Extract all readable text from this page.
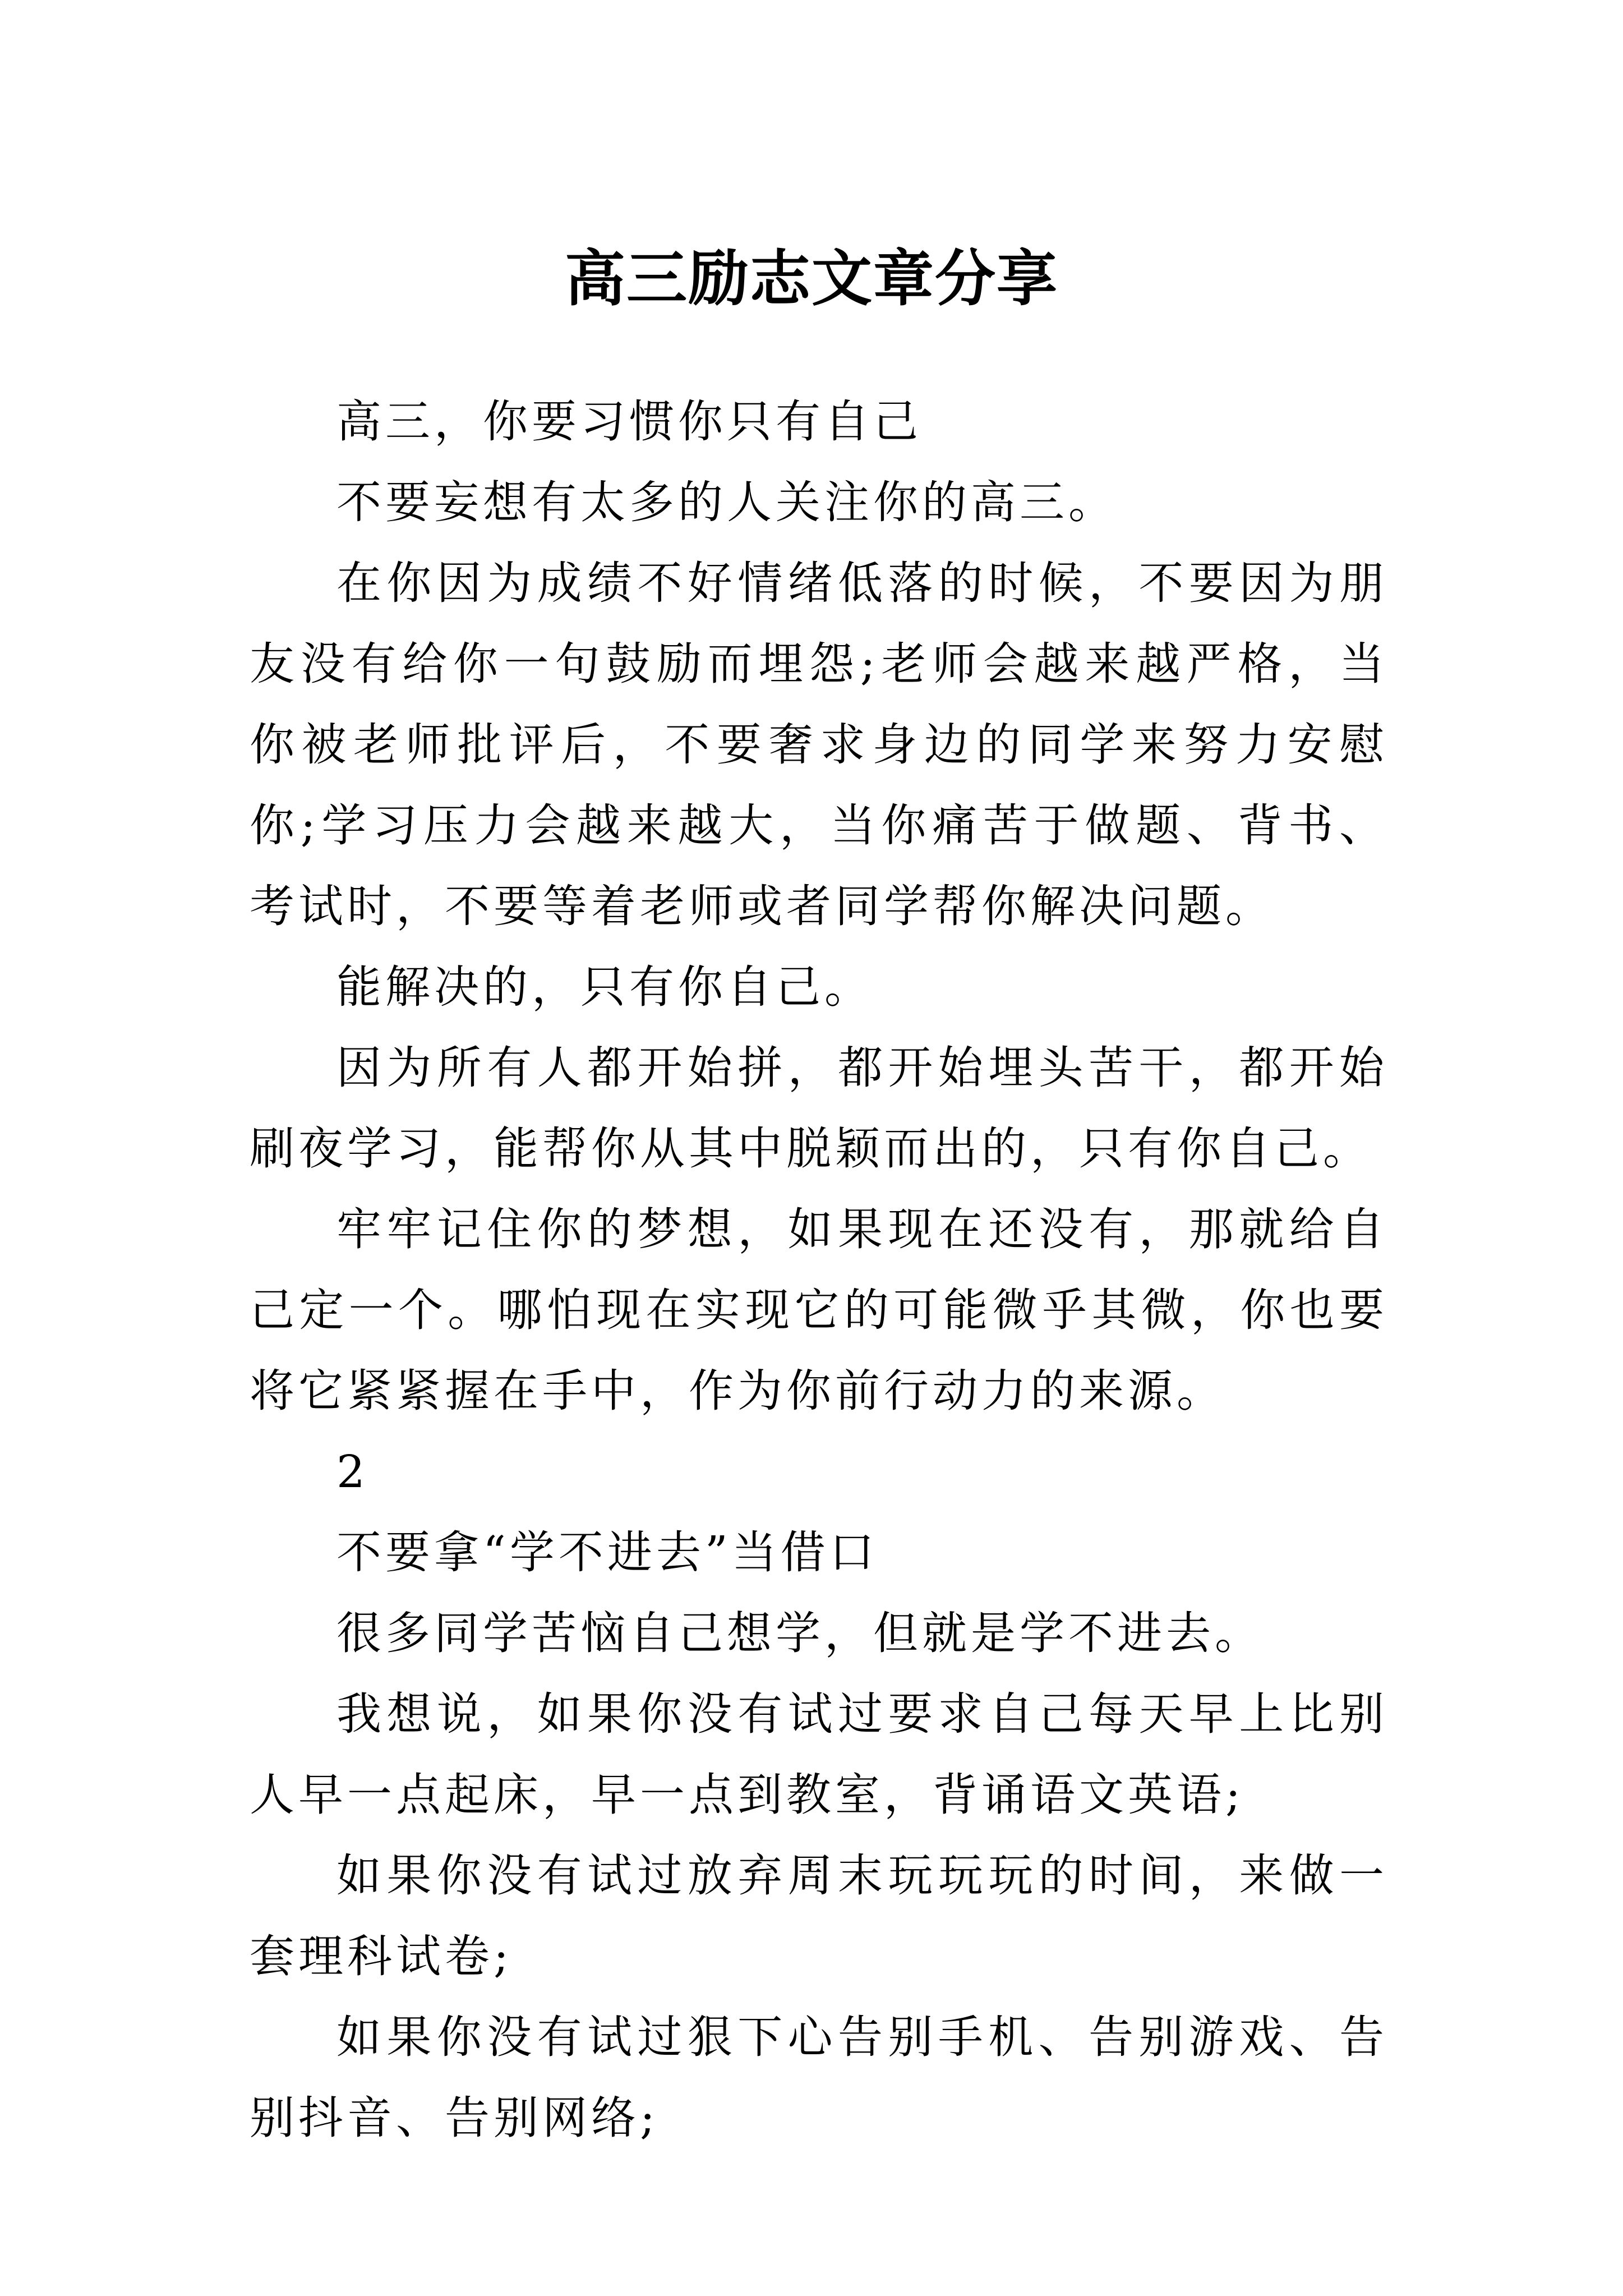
高三励志文章分享

高三，你要习惯你只有自己

不要妄想有太多的人关注你的高三。

在你因为成绩不好情绪低落的时候，不要因为朋友没有给你一句鼓励而埋怨;老师会越来越严格，当你被老师批评后，不要奢求身边的同学来努力安慰你;学习压力会越来越大，当你痛苦于做题、背书、考试时，不要等着老师或者同学帮你解决问题。

能解决的，只有你自己。

因为所有人都开始拼，都开始埋头苦干，都开始刷夜学习，能帮你从其中脱颖而出的，只有你自己。

牢牢记住你的梦想，如果现在还没有，那就给自己定一个。哪怕现在实现它的可能微乎其微，你也要将它紧紧握在手中，作为你前行动力的来源。

2

不要拿“学不进去”当借口

很多同学苦恼自己想学，但就是学不进去。

我想说，如果你没有试过要求自己每天早上比别人早一点起床，早一点到教室，背诵语文英语;

如果你没有试过放弃周末玩玩玩的时间，来做一套理科试卷;

如果你没有试过狠下心告别手机、告别游戏、告别抖音、告别网络;
